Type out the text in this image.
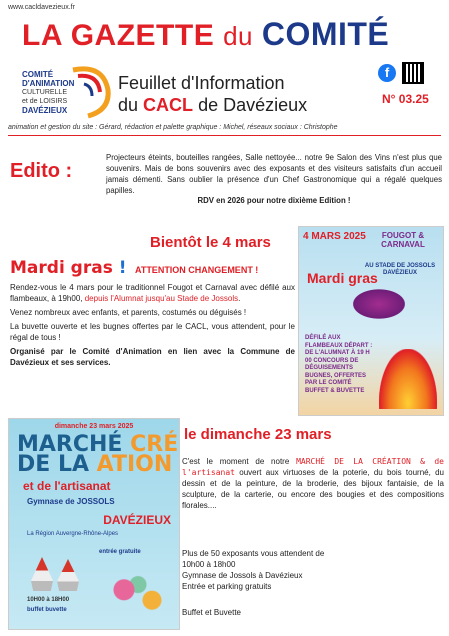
www.cacldavezieux.fr
LA GAZETTE du COMITÉ
COMITÉ
D'ANIMATION
CULTURELLE
et de LOISIRS
DAVÉZIEUX
Feuillet d'Information
du CACL de Davézieux
f
N° 03.25
animation et gestion du site : Gérard, rédaction et palette graphique : Michel, réseaux sociaux : Christophe
Edito :
Projecteurs éteints, bouteilles rangées, Salle nettoyée... notre 9e Salon des Vins n'est plus que souvenirs. Mais de bons souvenirs avec des exposants et des visiteurs satisfaits d'un accueil jamais démenti. Sans oublier la présence d'un Chef Gastronomique qui a régalé quelques papilles.
RDV en 2026 pour notre dixième Edition !
Bientôt le 4 mars
Mardi gras ! ATTENTION CHANGEMENT !

Rendez-vous le 4 mars pour le traditionnel Fougot et Carnaval avec défilé aux flambeaux, à 19h00, depuis l'Alumnat jusqu'au Stade de Jossols.

Venez nombreux avec enfants, et parents, costumés ou déguisés !

La buvette ouverte et les bugnes offertes par le CACL, vous attendent, pour le régal de tous !

Organisé par le Comité d'Animation en lien avec la Commune de Davézieux et ses services.

4 MARS 2025	FOUGOT & CARNAVAL
AU STADE DE JOSSOLS DAVÉZIEUX
Mardi gras
DÉFILÉ AUX FLAMBEAUX DÉPART : DE L'ALUMNAT À 19 H 00 CONCOURS DE DÉGUISEMENTS BUGNES, OFFERTES PAR LE COMITÉ BUFFET & BUVETTE
dimanche 23 mars 2025
MARCHÉ CRÉ
DE LA ATION
et de l'artisanat
Gymnase de JOSSOLS
DAVÉZIEUX
La Région Auvergne-Rhône-Alpes
10H00 à 18H00
buffet buvette
entrée gratuite
le dimanche 23 mars
C'est le moment de notre MARCHÉ DE LA CRÉATION & de l'artisanat ouvert aux virtuoses de la poterie, du bois tourné, du dessin et de la peinture, de la broderie, des bijoux fantaisie, de la sculpture, de la carterie, ou encore des bougies et des compositions florales....

Plus de 50 exposants vous attendent de

10h00 à 18h00

Gymnase de Jossols à Davézieux

Entrée et parking gratuits

Buffet et Buvette
